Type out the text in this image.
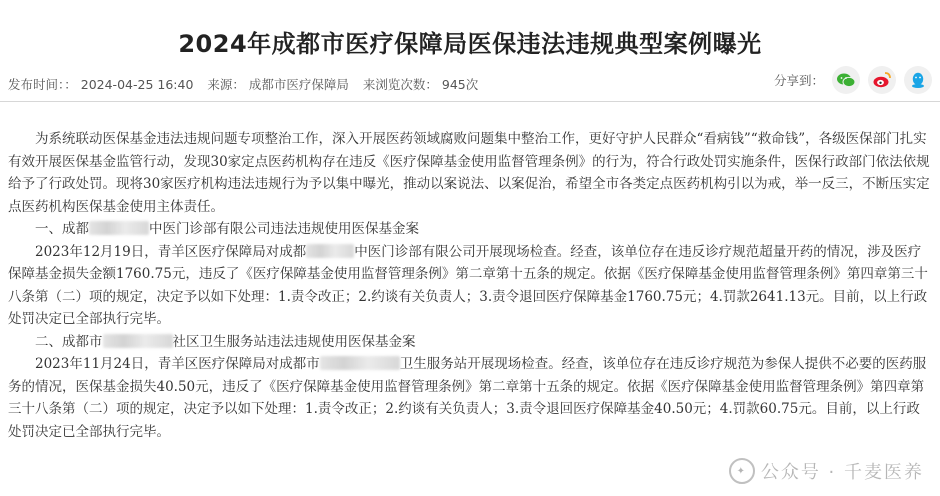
2024年成都市医疗保障局医保违法违规典型案例曝光
发布时间：： 2024-04-25 16:40 来源： 成都市医疗保障局 来浏览次数： 945次	分享到：

为系统联动医保基金违法违规问题专项整治工作，深入开展医药领域腐败问题集中整治工作，更好守护人民群众“看病钱”“救命钱”，各级医保部门扎实有效开展医保基金监管行动，发现30家定点医药机构存在违反《医疗保障基金使用监督管理条例》的行为，符合行政处罚实施条件，医保行政部门依法依规给予了行政处罚。现将30家医疗机构违法违规行为予以集中曝光，推动以案说法、以案促治，希望全市各类定点医药机构引以为戒，举一反三，不断压实定点医药机构医保基金使用主体责任。

一、成都	中医门诊部有限公司违法违规使用医保基金案

2023年12月19日，青羊区医疗保障局对成都	中医门诊部有限公司开展现场检查。经查，该单位存在违反诊疗规范超量开药的情况，涉及医疗保障基金损失金额1760.75元，违反了《医疗保障基金使用监督管理条例》第二章第十五条的规定。依据《医疗保障基金使用监督管理条例》第四章第三十八条第（二）项的规定，决定予以如下处理：1.责令改正；2.约谈有关负责人；3.责令退回医疗保障基金1760.75元；4.罚款2641.13元。目前，以上行政处罚决定已全部执行完毕。

二、成都市	社区卫生服务站违法违规使用医保基金案

2023年11月24日，青羊区医疗保障局对成都市	卫生服务站开展现场检查。经查，该单位存在违反诊疗规范为参保人提供不必要的医药服务的情况，医保基金损失40.50元，违反了《医疗保障基金使用监督管理条例》第二章第十五条的规定。依据《医疗保障基金使用监督管理条例》第四章第三十八条第（二）项的规定，决定予以如下处理：1.责令改正；2.约谈有关负责人；3.责令退回医疗保障基金40.50元；4.罚款60.75元。目前，以上行政处罚决定已全部执行完毕。

✦ 公众号 · 千麦医养
